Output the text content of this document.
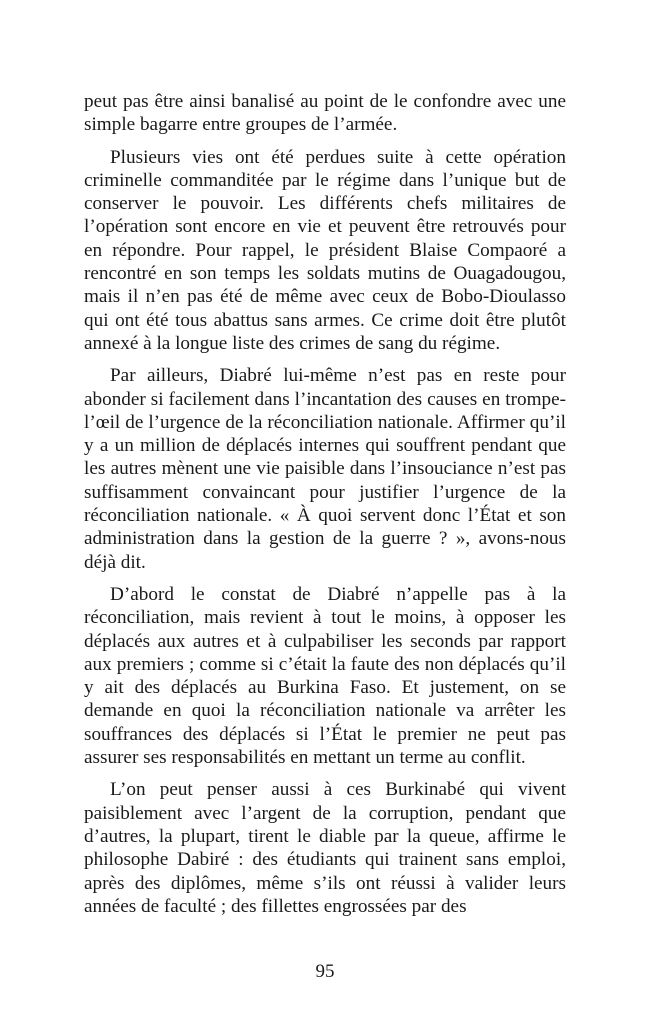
peut pas être ainsi banalisé au point de le confondre avec une simple bagarre entre groupes de l’armée.

Plusieurs vies ont été perdues suite à cette opération criminelle commanditée par le régime dans l’unique but de conserver le pouvoir. Les différents chefs militaires de l’opération sont encore en vie et peuvent être retrouvés pour en répondre. Pour rappel, le président Blaise Compaoré a rencontré en son temps les soldats mutins de Ouagadougou, mais il n’en pas été de même avec ceux de Bobo-Dioulasso qui ont été tous abattus sans armes. Ce crime doit être plutôt annexé à la longue liste des crimes de sang du régime.

Par ailleurs, Diabré lui-même n’est pas en reste pour abonder si facilement dans l’incantation des causes en trompe-l’œil de l’urgence de la réconciliation nationale. Affirmer qu’il y a un million de déplacés internes qui souffrent pendant que les autres mènent une vie paisible dans l’insouciance n’est pas suffisamment convaincant pour justifier l’urgence de la réconciliation nationale. « À quoi servent donc l’État et son administration dans la gestion de la guerre ? », avons-nous déjà dit.

D’abord le constat de Diabré n’appelle pas à la réconciliation, mais revient à tout le moins, à opposer les déplacés aux autres et à culpabiliser les seconds par rapport aux premiers ; comme si c’était la faute des non déplacés qu’il y ait des déplacés au Burkina Faso. Et justement, on se demande en quoi la réconciliation nationale va arrêter les souffrances des déplacés si l’État le premier ne peut pas assurer ses responsabilités en mettant un terme au conflit.

L’on peut penser aussi à ces Burkinabé qui vivent paisiblement avec l’argent de la corruption, pendant que d’autres, la plupart, tirent le diable par la queue, affirme le philosophe Dabiré : des étudiants qui trainent sans emploi, après des diplômes, même s’ils ont réussi à valider leurs années de faculté ; des fillettes engrossées par des

95
